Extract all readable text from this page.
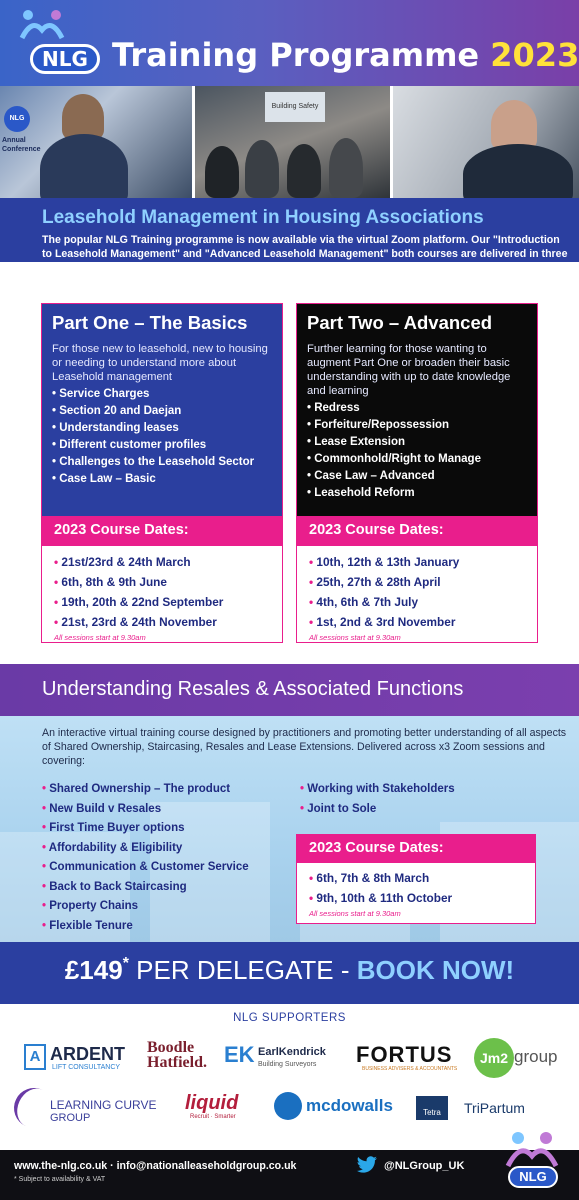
NLG Training Programme 2023
NLG
Annual Conference
Building Safety
Leasehold Management in Housing Associations
The popular NLG Training programme is now available via the virtual Zoom platform. Our "Introduction to Leasehold Management" and "Advanced Leasehold Management" both courses are delivered in three sessions of two and a half hours.
Part One – The Basics
For those new to leasehold, new to housing or needing to understand more about Leasehold management
• Service Charges
• Section 20 and Daejan
• Understanding leases
• Different customer profiles
• Challenges to the Leasehold Sector
• Case Law – Basic
2023 Course Dates:
• 21st/23rd & 24th March
• 6th, 8th & 9th June
• 19th, 20th & 22nd September
• 21st, 23rd & 24th November
All sessions start at 9.30am
Part Two – Advanced
Further learning for those wanting to augment Part One or broaden their basic understanding with up to date knowledge and learning
• Redress
• Forfeiture/Repossession
• Lease Extension
• Commonhold/Right to Manage
• Case Law – Advanced
• Leasehold Reform
2023 Course Dates:
• 10th, 12th & 13th January
• 25th, 27th & 28th April
• 4th, 6th & 7th July
• 1st, 2nd & 3rd November
All sessions start at 9.30am
Understanding Resales & Associated Functions
An interactive virtual training course designed by practitioners and promoting better understanding of all aspects of Shared Ownership, Staircasing, Resales and Lease Extensions. Delivered across x3 Zoom sessions and covering:
• Shared Ownership – The product
• New Build v Resales
• First Time Buyer options
• Affordability & Eligibility
• Communication & Customer Service
• Back to Back Staircasing
• Property Chains
• Flexible Tenure
• Working with Stakeholders
• Joint to Sole
2023 Course Dates:
• 6th, 7th & 8th March
• 9th, 10th & 11th October
All sessions start at 9.30am
£149* PER DELEGATE - BOOK NOW!
NLG SUPPORTERS
A ARDENT
LIFT CONSULTANCY
Boodle
Hatfield. EK EarlKendrick
Building Surveyors FORTUS
BUSINESS ADVISERS & ACCOUNTANTS
Jm2 group
LEARNING CURVE
GROUP
liquid
Recruit · Smarter
mcdowalls	Tetra	TriPartum
www.the-nlg.co.uk · info@nationalleaseholdgroup.co.uk
* Subject to availability & VAT
@NLGroup_UK
NLG
